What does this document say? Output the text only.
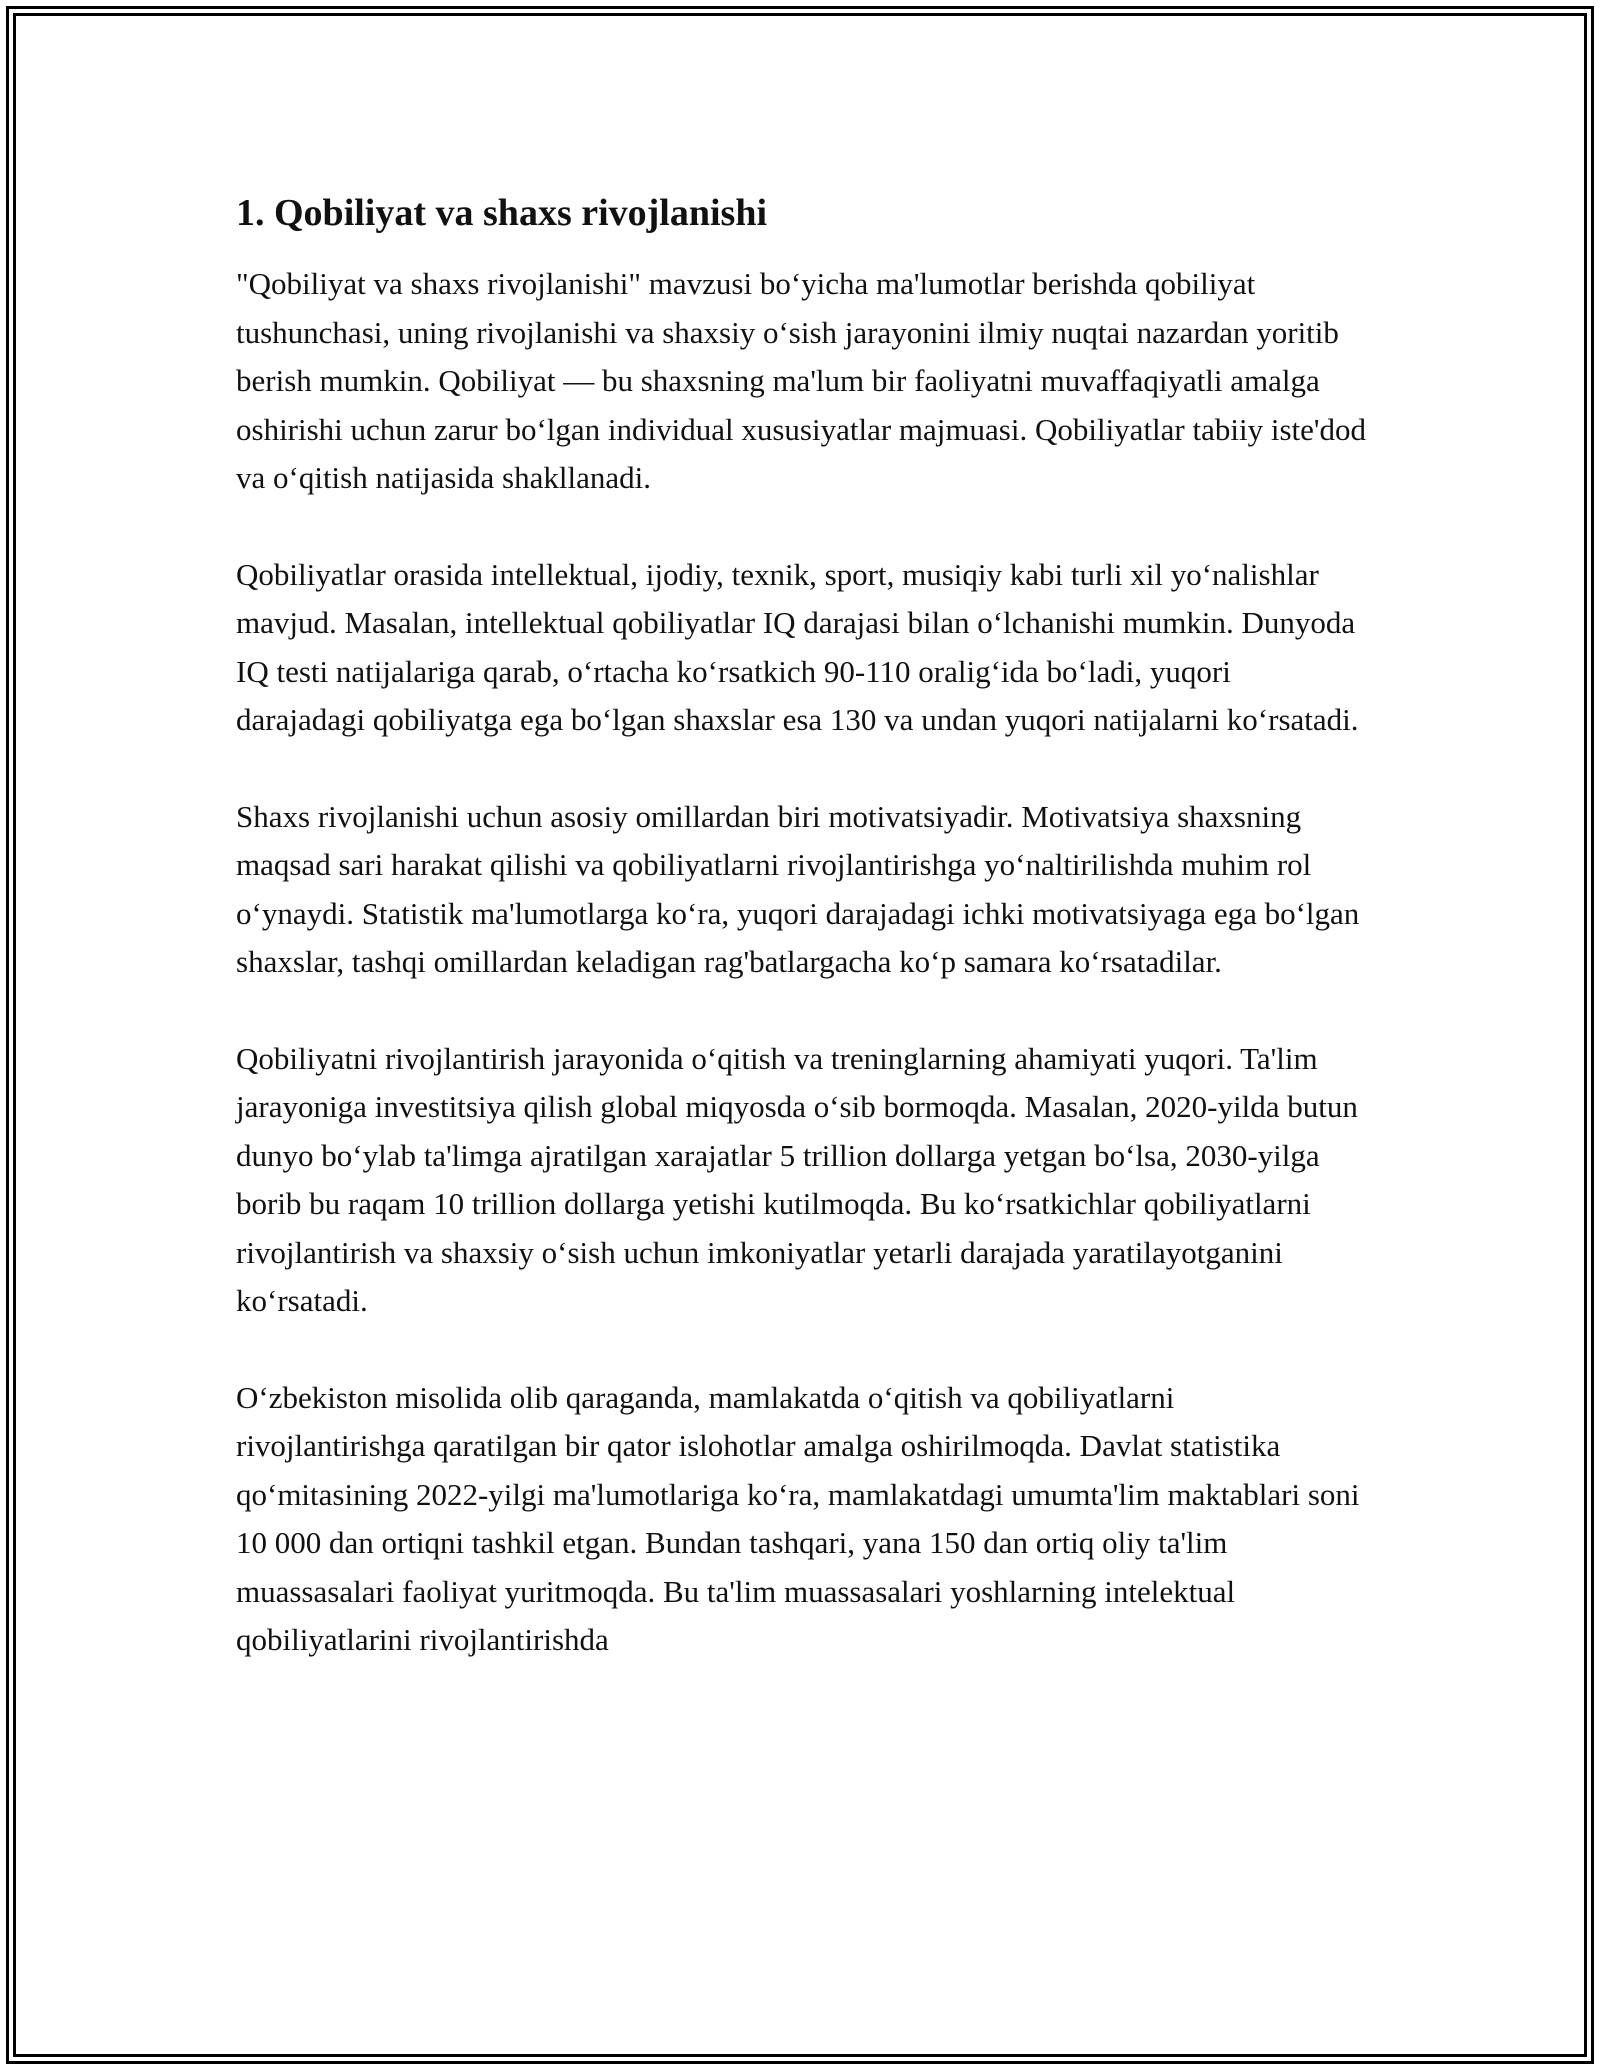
1. Qobiliyat va shaxs rivojlanishi

"Qobiliyat va shaxs rivojlanishi" mavzusi bo‘yicha ma'lumotlar berishda qobiliyat tushunchasi, uning rivojlanishi va shaxsiy o‘sish jarayonini ilmiy nuqtai nazardan yoritib berish mumkin. Qobiliyat — bu shaxsning ma'lum bir faoliyatni muvaffaqiyatli amalga oshirishi uchun zarur bo‘lgan individual xususiyatlar majmuasi. Qobiliyatlar tabiiy iste'dod va o‘qitish natijasida shakllanadi.

Qobiliyatlar orasida intellektual, ijodiy, texnik, sport, musiqiy kabi turli xil yo‘nalishlar mavjud. Masalan, intellektual qobiliyatlar IQ darajasi bilan o‘lchanishi mumkin. Dunyoda IQ testi natijalariga qarab, o‘rtacha ko‘rsatkich 90-110 oralig‘ida bo‘ladi, yuqori darajadagi qobiliyatga ega bo‘lgan shaxslar esa 130 va undan yuqori natijalarni ko‘rsatadi.

Shaxs rivojlanishi uchun asosiy omillardan biri motivatsiyadir. Motivatsiya shaxsning maqsad sari harakat qilishi va qobiliyatlarni rivojlantirishga yo‘naltirilishda muhim rol o‘ynaydi. Statistik ma'lumotlarga ko‘ra, yuqori darajadagi ichki motivatsiyaga ega bo‘lgan shaxslar, tashqi omillardan keladigan rag'batlargacha ko‘p samara ko‘rsatadilar.

Qobiliyatni rivojlantirish jarayonida o‘qitish va treninglarning ahamiyati yuqori. Ta'lim jarayoniga investitsiya qilish global miqyosda o‘sib bormoqda. Masalan, 2020-yilda butun dunyo bo‘ylab ta'limga ajratilgan xarajatlar 5 trillion dollarga yetgan bo‘lsa, 2030-yilga borib bu raqam 10 trillion dollarga yetishi kutilmoqda. Bu ko‘rsatkichlar qobiliyatlarni rivojlantirish va shaxsiy o‘sish uchun imkoniyatlar yetarli darajada yaratilayotganini ko‘rsatadi.

O‘zbekiston misolida olib qaraganda, mamlakatda o‘qitish va qobiliyatlarni rivojlantirishga qaratilgan bir qator islohotlar amalga oshirilmoqda. Davlat statistika qo‘mitasining 2022-yilgi ma'lumotlariga ko‘ra, mamlakatdagi umumta'lim maktablari soni 10 000 dan ortiqni tashkil etgan. Bundan tashqari, yana 150 dan ortiq oliy ta'lim muassasalari faoliyat yuritmoqda. Bu ta'lim muassasalari yoshlarning intelektual qobiliyatlarini rivojlantirishda
